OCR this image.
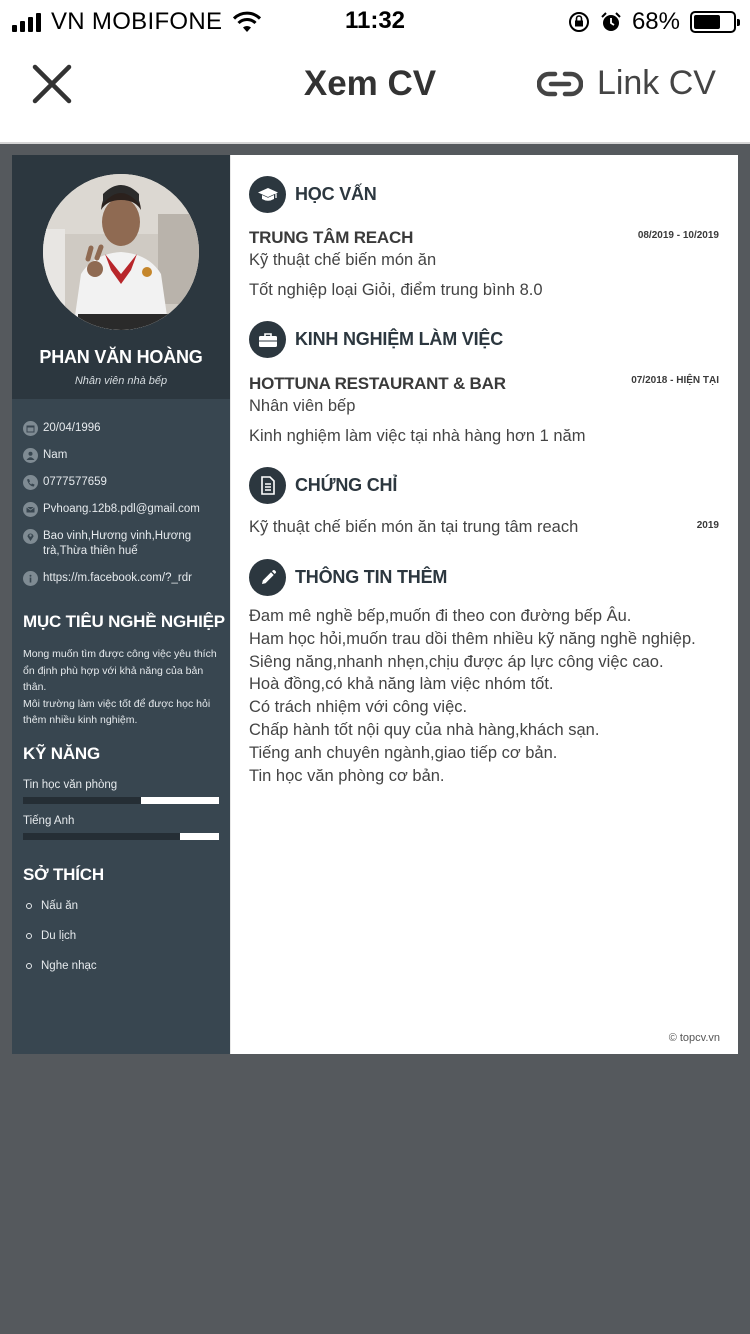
VN MOBIFONE	11:32	68%
Xem CV	Link CV
PHAN VĂN HOÀNG
Nhân viên nhà bếp
20/04/1996
Nam
0777577659
Pvhoang.12b8.pdl@gmail.com
Bao vinh,Hương vinh,Hương trà,Thừa thiên huế
https://m.facebook.com/?_rdr
MỤC TIÊU NGHỀ NGHIỆP
Mong muốn tìm được công việc yêu thích ổn định phù hợp với khả năng của bản thân.
Môi trường làm việc tốt để được học hỏi thêm nhiều kinh nghiệm.
KỸ NĂNG
Tin học văn phòng
Tiếng Anh
SỞ THÍCH
Nấu ăn
Du lịch
Nghe nhạc
HỌC VẤN
TRUNG TÂM REACH	08/2019 - 10/2019
Kỹ thuật chế biến món ăn
Tốt nghiệp loại Giỏi, điểm trung bình 8.0
KINH NGHIỆM LÀM VIỆC
HOTTUNA RESTAURANT & BAR	07/2018 - HIỆN TẠI
Nhân viên bếp
Kinh nghiệm làm việc tại nhà hàng hơn 1 năm
CHỨNG CHỈ
Kỹ thuật chế biến món ăn tại trung tâm reach	2019
THÔNG TIN THÊM
Đam mê nghề bếp,muốn đi theo con đường bếp Âu.
Ham học hỏi,muốn trau dồi thêm nhiều kỹ năng nghề nghiệp.
Siêng năng,nhanh nhẹn,chịu được áp lực công việc cao.
Hoà đồng,có khả năng làm việc nhóm tốt.
Có trách nhiệm với công việc.
Chấp hành tốt nội quy của nhà hàng,khách sạn.
Tiếng anh chuyên ngành,giao tiếp cơ bản.
Tin học văn phòng cơ bản.
© topcv.vn
